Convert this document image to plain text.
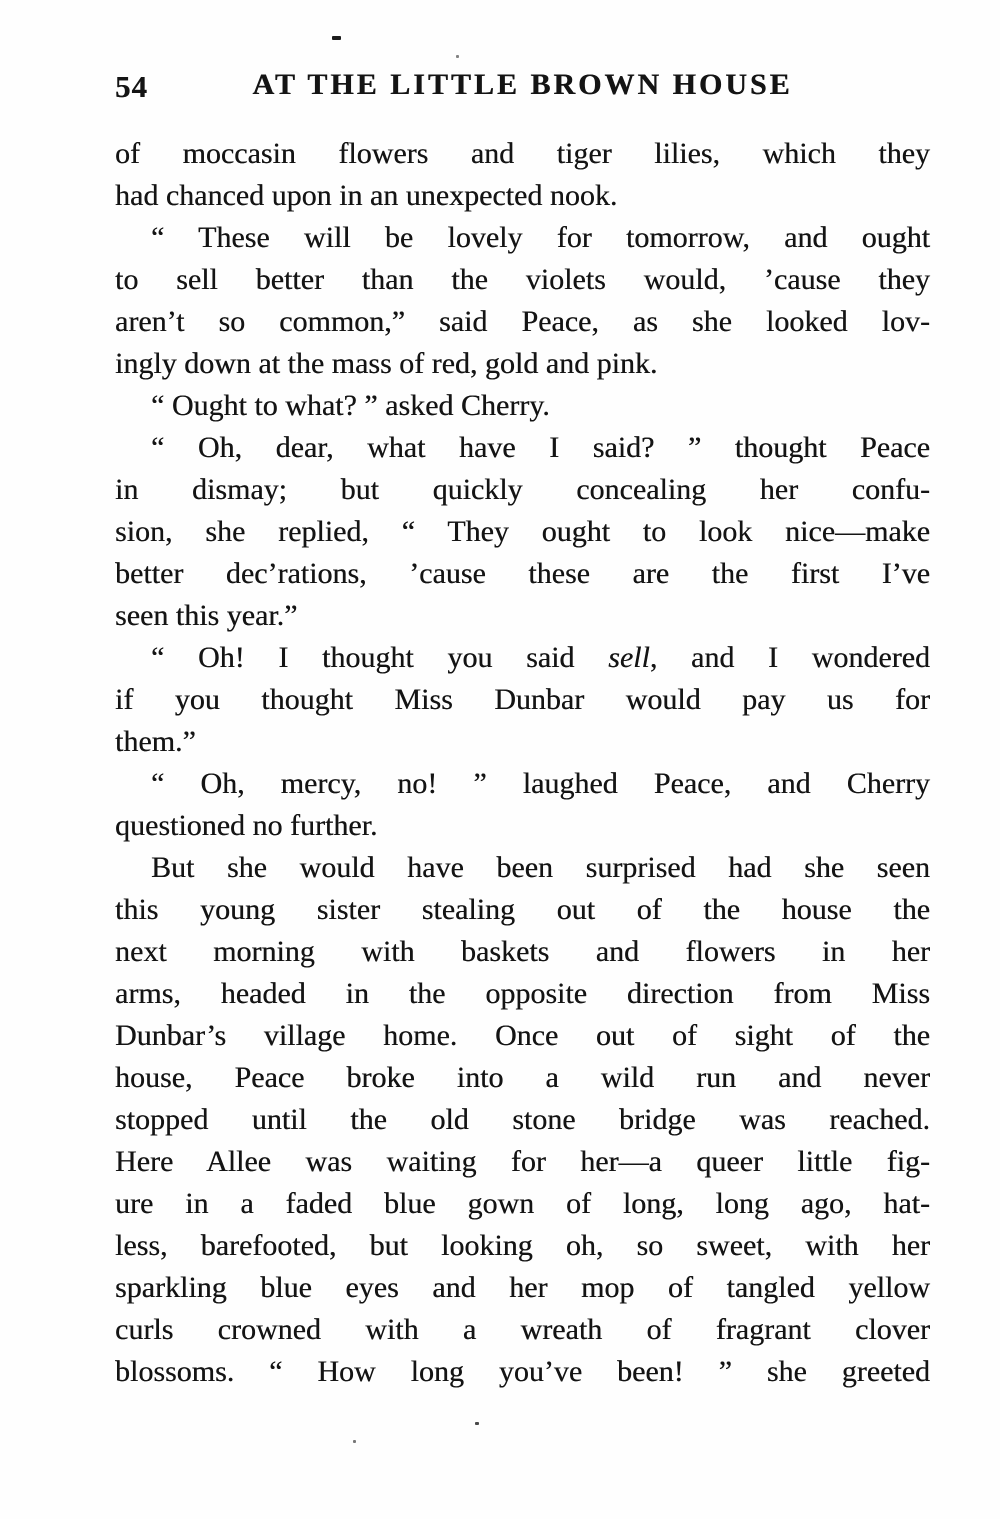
54	AT THE LITTLE BROWN HOUSE
of moccasin flowers and tiger lilies, which they
had chanced upon in an unexpected nook.
“ These will be lovely for tomorrow, and ought
to sell better than the violets would, ’cause they
aren’t so common,” said Peace, as she looked lov-
ingly down at the mass of red, gold and pink.
“ Ought to what? ” asked Cherry.
“ Oh, dear, what have I said? ” thought Peace
in dismay; but quickly concealing her confu-
sion, she replied, “ They ought to look nice—make
better dec’rations, ’cause these are the first I’ve
seen this year.”
“ Oh! I thought you said sell, and I wondered
if you thought Miss Dunbar would pay us for
them.”
“ Oh, mercy, no! ” laughed Peace, and Cherry
questioned no further.
But she would have been surprised had she seen
this young sister stealing out of the house the
next morning with baskets and flowers in her
arms, headed in the opposite direction from Miss
Dunbar’s village home. Once out of sight of the
house, Peace broke into a wild run and never
stopped until the old stone bridge was reached.
Here Allee was waiting for her—a queer little fig-
ure in a faded blue gown of long, long ago, hat-
less, barefooted, but looking oh, so sweet, with her
sparkling blue eyes and her mop of tangled yellow
curls crowned with a wreath of fragrant clover
blossoms. “ How long you’ve been! ” she greeted
